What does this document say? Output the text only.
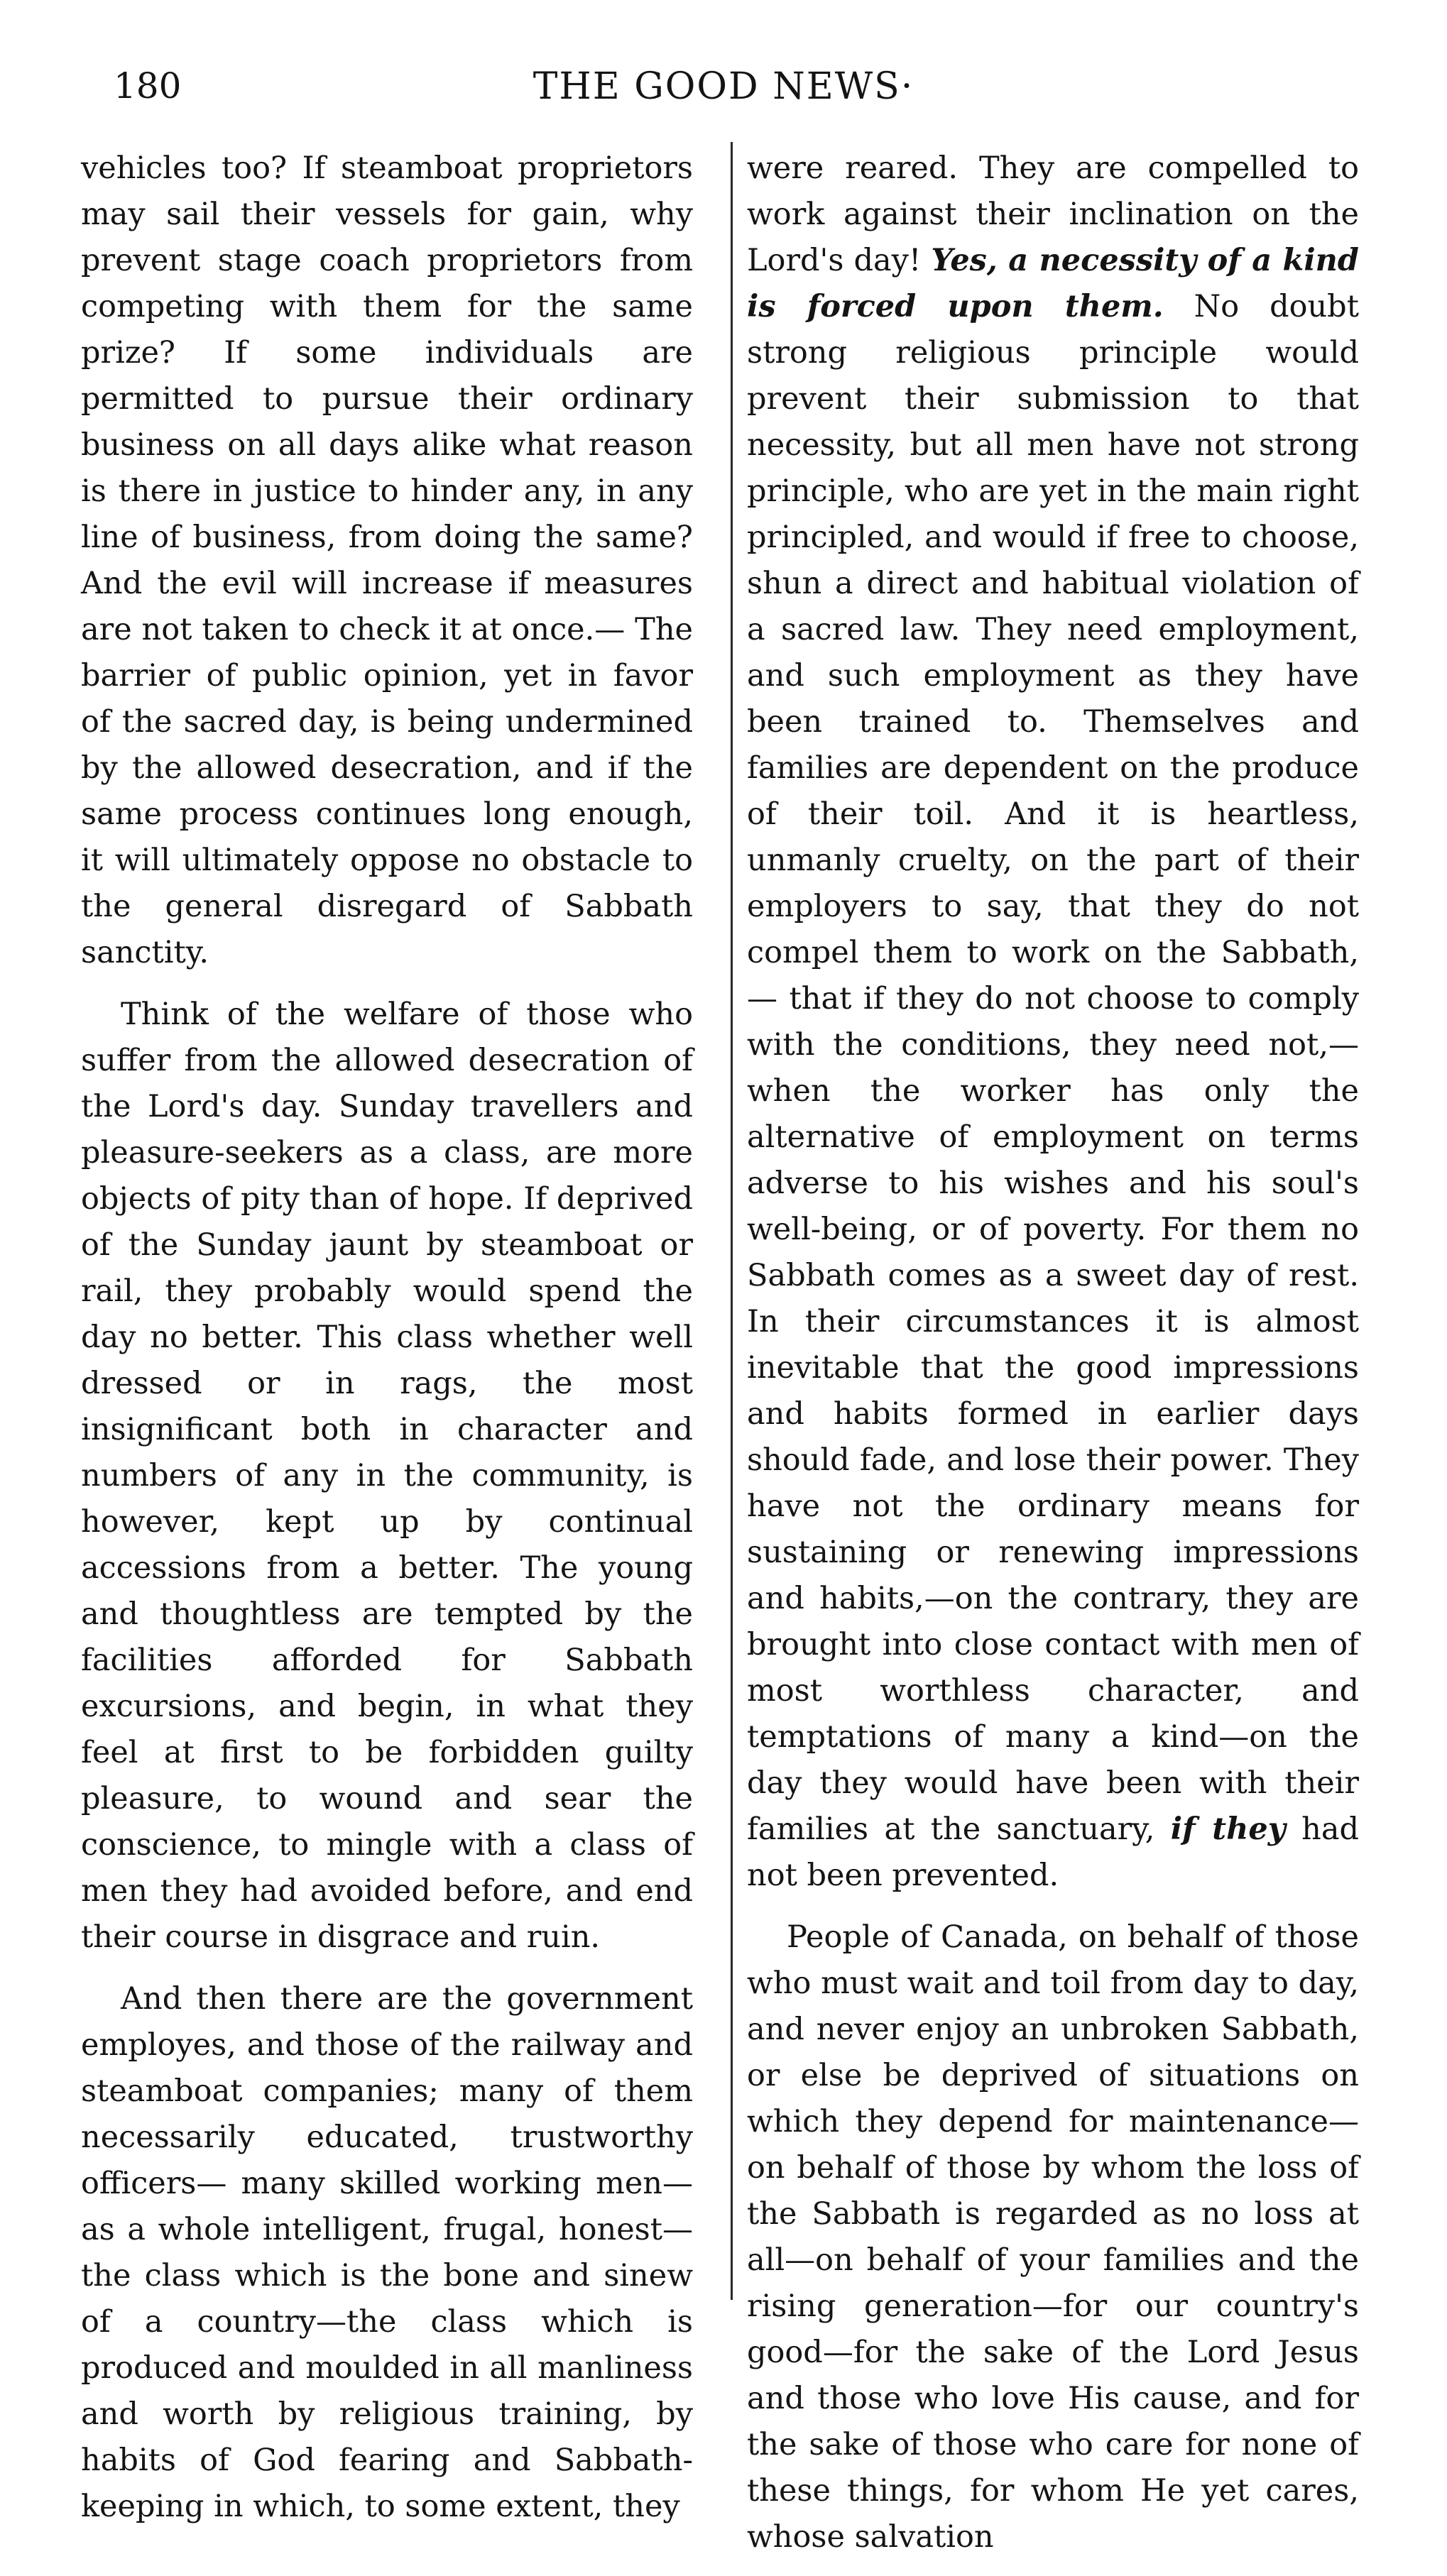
180	THE GOOD NEWS·

vehicles too? If steamboat proprietors may sail their vessels for gain, why prevent stage coach proprietors from competing with them for the same prize? If some individuals are permitted to pursue their ordinary business on all days alike what reason is there in justice to hinder any, in any line of business, from doing the same? And the evil will increase if measures are not taken to check it at once.— The barrier of public opinion, yet in favor of the sacred day, is being undermined by the allowed desecration, and if the same process continues long enough, it will ultimately oppose no obstacle to the general disregard of Sabbath sanctity.

Think of the welfare of those who suffer from the allowed desecration of the Lord's day. Sunday travellers and pleasure-seekers as a class, are more objects of pity than of hope. If deprived of the Sunday jaunt by steamboat or rail, they probably would spend the day no better. This class whether well dressed or in rags, the most insignificant both in character and numbers of any in the community, is however, kept up by continual accessions from a better. The young and thoughtless are tempted by the facilities afforded for Sabbath excursions, and begin, in what they feel at first to be forbidden guilty pleasure, to wound and sear the conscience, to mingle with a class of men they had avoided before, and end their course in disgrace and ruin.

And then there are the government employes, and those of the railway and steamboat companies; many of them necessarily educated, trustworthy officers— many skilled working men—as a whole intelligent, frugal, honest—the class which is the bone and sinew of a country—the class which is produced and moulded in all manliness and worth by religious training, by habits of God fearing and Sabbath-keeping in which, to some extent, they

were reared. They are compelled to work against their inclination on the Lord's day! Yes, a necessity of a kind is forced upon them. No doubt strong religious principle would prevent their submission to that necessity, but all men have not strong principle, who are yet in the main right principled, and would if free to choose, shun a direct and habitual violation of a sacred law. They need employment, and such employment as they have been trained to. Themselves and families are dependent on the produce of their toil. And it is heartless, unmanly cruelty, on the part of their employers to say, that they do not compel them to work on the Sabbath,— that if they do not choose to comply with the conditions, they need not,—when the worker has only the alternative of employment on terms adverse to his wishes and his soul's well-being, or of poverty. For them no Sabbath comes as a sweet day of rest. In their circumstances it is almost inevitable that the good impressions and habits formed in earlier days should fade, and lose their power. They have not the ordinary means for sustaining or renewing impressions and habits,—on the contrary, they are brought into close contact with men of most worthless character, and temptations of many a kind—on the day they would have been with their families at the sanctuary, if they had not been prevented.

People of Canada, on behalf of those who must wait and toil from day to day, and never enjoy an unbroken Sabbath, or else be deprived of situations on which they depend for maintenance—on behalf of those by whom the loss of the Sabbath is regarded as no loss at all—on behalf of your families and the rising generation—for our country's good—for the sake of the Lord Jesus and those who love His cause, and for the sake of those who care for none of these things, for whom He yet cares, whose salvation
